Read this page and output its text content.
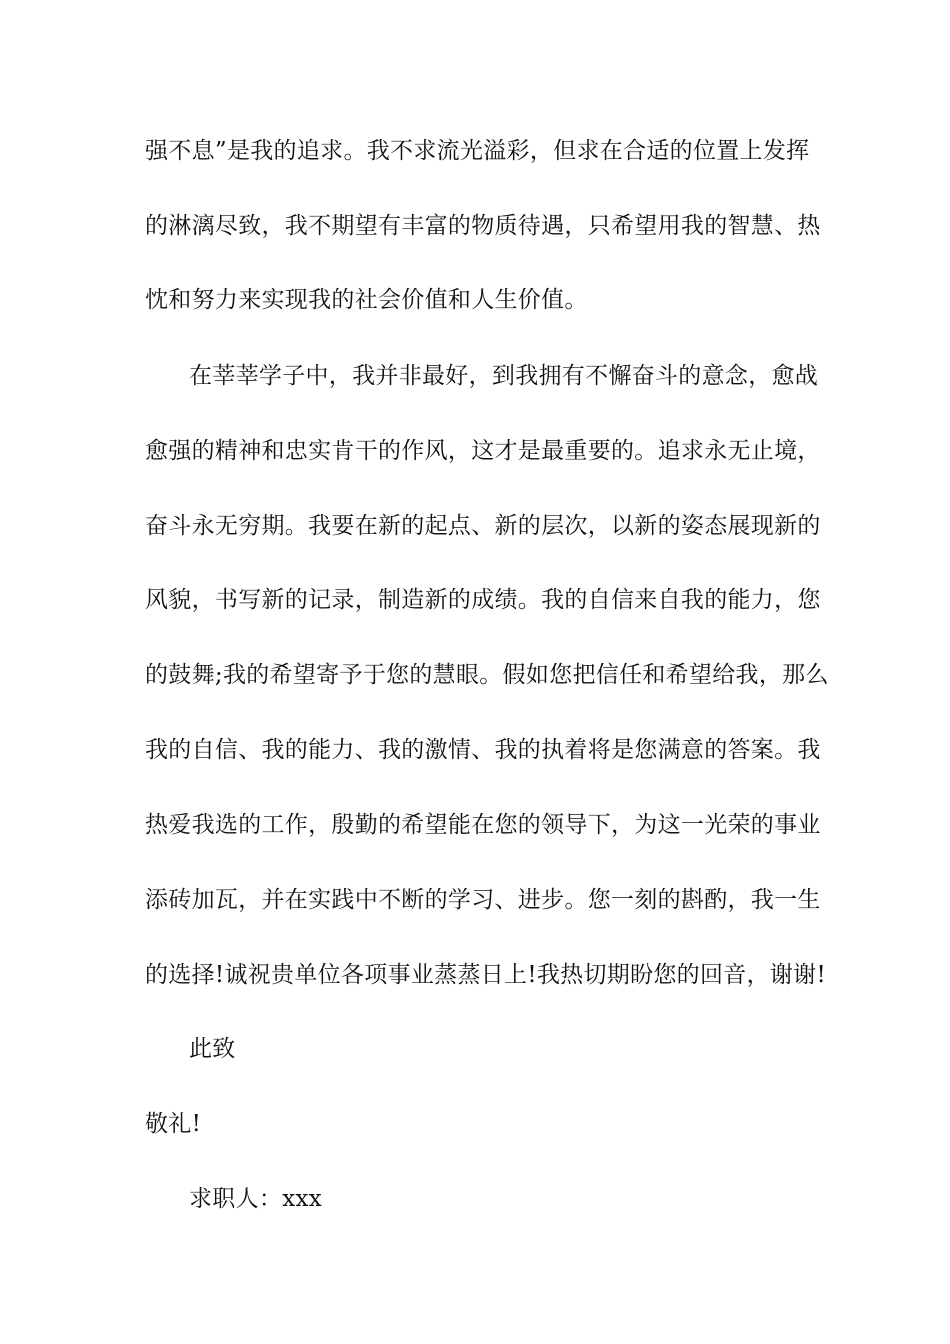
强不息”是我的追求。我不求流光溢彩，但求在合适的位置上发挥
的淋漓尽致，我不期望有丰富的物质待遇，只希望用我的智慧、热
忱和努力来实现我的社会价值和人生价值。
在莘莘学子中，我并非最好，到我拥有不懈奋斗的意念，愈战
愈强的精神和忠实肯干的作风，这才是最重要的。追求永无止境，
奋斗永无穷期。我要在新的起点、新的层次，以新的姿态展现新的
风貌，书写新的记录，制造新的成绩。我的自信来自我的能力，您
的鼓舞;我的希望寄予于您的慧眼。假如您把信任和希望给我，那么
我的自信、我的能力、我的激情、我的执着将是您满意的答案。我
热爱我选的工作，殷勤的希望能在您的领导下，为这一光荣的事业
添砖加瓦，并在实践中不断的学习、进步。您一刻的斟酌，我一生
的选择!诚祝贵单位各项事业蒸蒸日上!我热切期盼您的回音，谢谢!
此致
敬礼!
求职人：xxx
